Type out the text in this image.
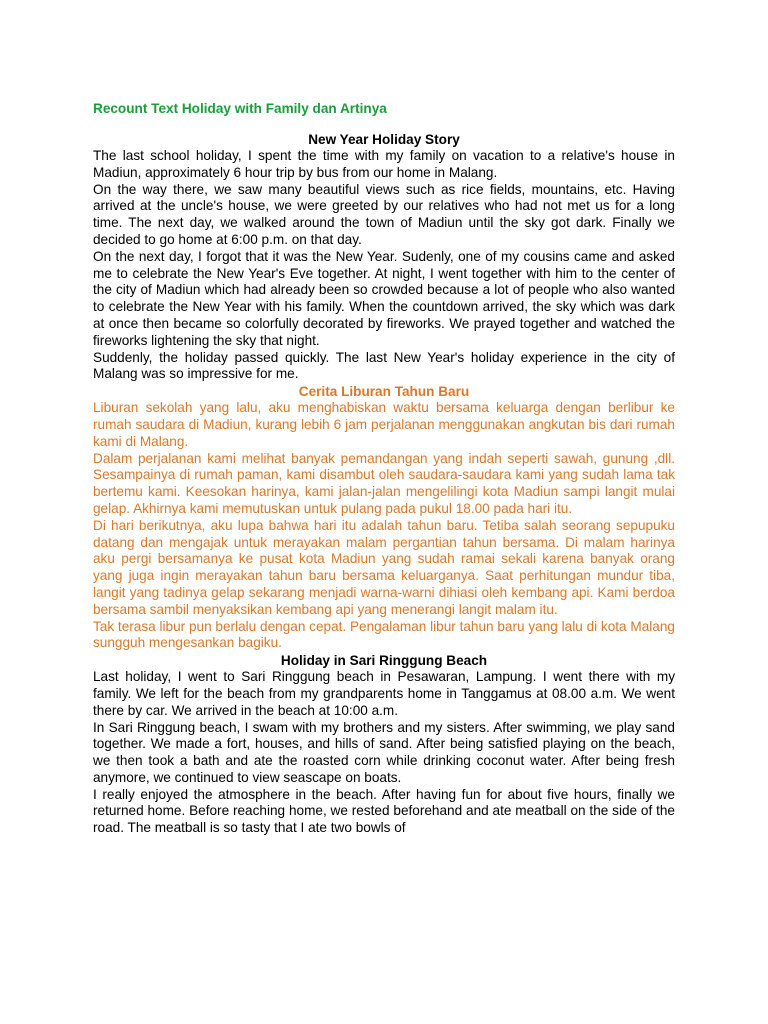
Recount Text Holiday with Family dan Artinya
New Year Holiday Story

The last school holiday, I spent the time with my family on vacation to a relative's house in Madiun, approximately 6 hour trip by bus from our home in Malang.

On the way there, we saw many beautiful views such as rice fields, mountains, etc. Having arrived at the uncle's house, we were greeted by our relatives who had not met us for a long time. The next day, we walked around the town of Madiun until the sky got dark. Finally we decided to go home at 6:00 p.m. on that day.

On the next day, I forgot that it was the New Year. Sudenly, one of my cousins came and asked me to celebrate the New Year's Eve together. At night, I went together with him to the center of the city of Madiun which had already been so crowded because a lot of people who also wanted to celebrate the New Year with his family. When the countdown arrived, the sky which was dark at once then became so colorfully decorated by fireworks. We prayed together and watched the fireworks lightening the sky that night.

Suddenly, the holiday passed quickly. The last New Year's holiday experience in the city of Malang was so impressive for me.

Cerita Liburan Tahun Baru

Liburan sekolah yang lalu, aku menghabiskan waktu bersama keluarga dengan berlibur ke rumah saudara di Madiun, kurang lebih 6 jam perjalanan menggunakan angkutan bis dari rumah kami di Malang.

Dalam perjalanan kami melihat banyak pemandangan yang indah seperti sawah, gunung ,dll. Sesampainya di rumah paman, kami disambut oleh saudara-saudara kami yang sudah lama tak bertemu kami. Keesokan harinya, kami jalan-jalan mengelilingi kota Madiun sampi langit mulai gelap. Akhirnya kami memutuskan untuk pulang pada pukul 18.00 pada hari itu.

Di hari berikutnya, aku lupa bahwa hari itu adalah tahun baru. Tetiba salah seorang sepupuku datang dan mengajak untuk merayakan malam pergantian tahun bersama. Di malam harinya aku pergi bersamanya ke pusat kota Madiun yang sudah ramai sekali karena banyak orang yang juga ingin merayakan tahun baru bersama keluarganya. Saat perhitungan mundur tiba, langit yang tadinya gelap sekarang menjadi warna-warni dihiasi oleh kembang api. Kami berdoa bersama sambil menyaksikan kembang api yang menerangi langit malam itu.

Tak terasa libur pun berlalu dengan cepat. Pengalaman libur tahun baru yang lalu di kota Malang sungguh mengesankan bagiku.

Holiday in Sari Ringgung Beach

Last holiday, I went to Sari Ringgung beach in Pesawaran, Lampung. I went there with my family. We left for the beach from my grandparents home in Tanggamus at 08.00 a.m. We went there by car. We arrived in the beach at 10:00 a.m.

In Sari Ringgung beach, I swam with my brothers and my sisters. After swimming, we play sand together. We made a fort, houses, and hills of sand. After being satisfied playing on the beach, we then took a bath and ate the roasted corn while drinking coconut water. After being fresh anymore, we continued to view seascape on boats.

I really enjoyed the atmosphere in the beach. After having fun for about five hours, finally we returned home. Before reaching home, we rested beforehand and ate meatball on the side of the road. The meatball is so tasty that I ate two bowls of
